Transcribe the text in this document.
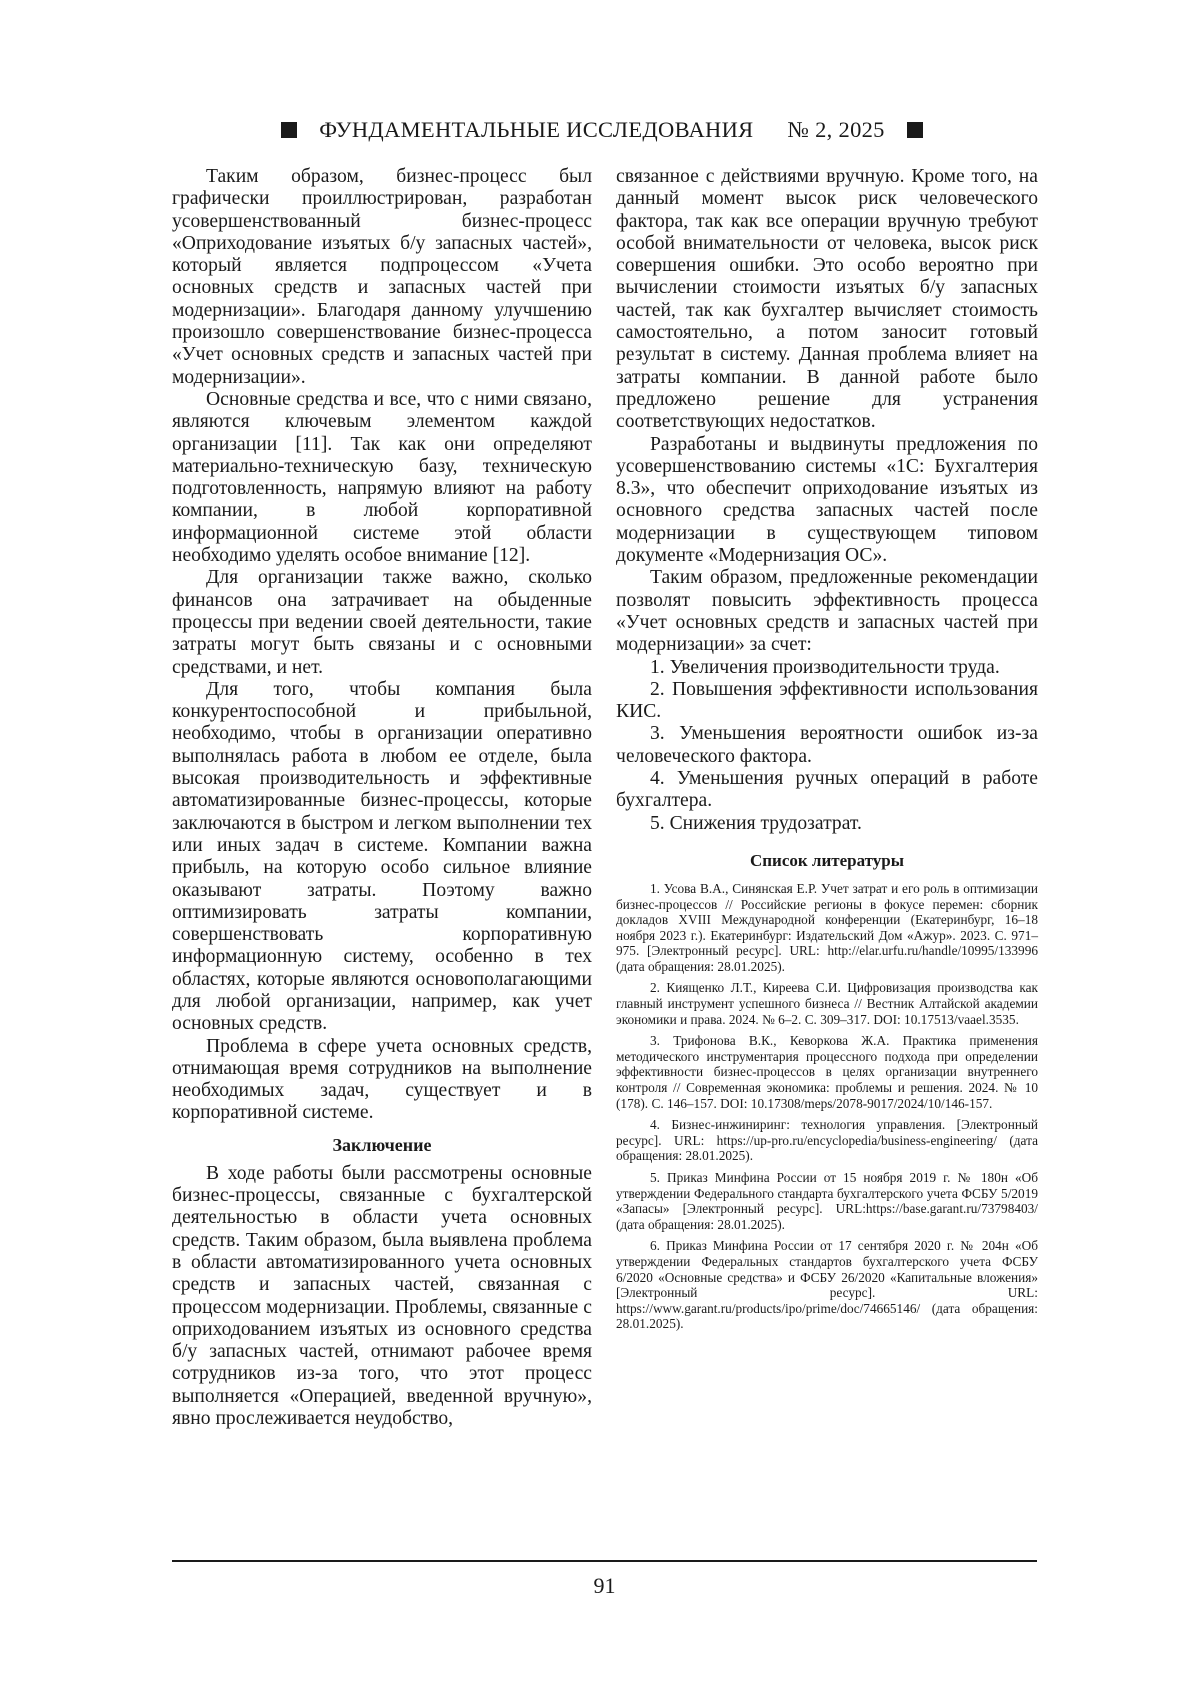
ФУНДАМЕНТАЛЬНЫЕ ИССЛЕДОВАНИЯ № 2, 2025

Таким образом, бизнес-процесс был графически проиллюстрирован, разработан усовершенствованный бизнес-процесс «Оприходование изъятых б/у запасных частей», который является подпроцессом «Учета основных средств и запасных частей при модернизации». Благодаря данному улучшению произошло совершенствование бизнес-процесса «Учет основных средств и запасных частей при модернизации».

Основные средства и все, что с ними связано, являются ключевым элементом каждой организации [11]. Так как они определяют материально-техническую базу, техническую подготовленность, напрямую влияют на работу компании, в любой корпоративной информационной системе этой области необходимо уделять особое внимание [12].

Для организации также важно, сколько финансов она затрачивает на обыденные процессы при ведении своей деятельности, такие затраты могут быть связаны и с основными средствами, и нет.

Для того, чтобы компания была конкурентоспособной и прибыльной, необходимо, чтобы в организации оперативно выполнялась работа в любом ее отделе, была высокая производительность и эффективные автоматизированные бизнес-процессы, которые заключаются в быстром и легком выполнении тех или иных задач в системе. Компании важна прибыль, на которую особо сильное влияние оказывают затраты. Поэтому важно оптимизировать затраты компании, совершенствовать корпоративную информационную систему, особенно в тех областях, которые являются основополагающими для любой организации, например, как учет основных средств.

Проблема в сфере учета основных средств, отнимающая время сотрудников на выполнение необходимых задач, существует и в корпоративной системе.

Заключение

В ходе работы были рассмотрены основные бизнес-процессы, связанные с бухгалтерской деятельностью в области учета основных средств. Таким образом, была выявлена проблема в области автоматизированного учета основных средств и запасных частей, связанная с процессом модернизации. Проблемы, связанные с оприходованием изъятых из основного средства б/у запасных частей, отнимают рабочее время сотрудников из-за того, что этот процесс выполняется «Операцией, введенной вручную», явно прослеживается неудобство,

связанное с действиями вручную. Кроме того, на данный момент высок риск человеческого фактора, так как все операции вручную требуют особой внимательности от человека, высок риск совершения ошибки. Это особо вероятно при вычислении стоимости изъятых б/у запасных частей, так как бухгалтер вычисляет стоимость самостоятельно, а потом заносит готовый результат в систему. Данная проблема влияет на затраты компании. В данной работе было предложено решение для устранения соответствующих недостатков.

Разработаны и выдвинуты предложения по усовершенствованию системы «1С: Бухгалтерия 8.3», что обеспечит оприходование изъятых из основного средства запасных частей после модернизации в существующем типовом документе «Модернизация ОС».

Таким образом, предложенные рекомендации позволят повысить эффективность процесса «Учет основных средств и запасных частей при модернизации» за счет:

1. Увеличения производительности труда.

2. Повышения эффективности использования КИС.

3. Уменьшения вероятности ошибок из-за человеческого фактора.

4. Уменьшения ручных операций в работе бухгалтера.

5. Снижения трудозатрат.

Список литературы

1. Усова В.А., Синянская Е.Р. Учет затрат и его роль в оптимизации бизнес-процессов // Российские регионы в фокусе перемен: сборник докладов XVIII Международной конференции (Екатеринбург, 16–18 ноября 2023 г.). Екатеринбург: Издательский Дом «Ажур». 2023. С. 971–975. [Электронный ресурс]. URL: http://elar.urfu.ru/handle/10995/133996 (дата обращения: 28.01.2025).

2. Киященко Л.Т., Киреева С.И. Цифровизация производства как главный инструмент успешного бизнеса // Вестник Алтайской академии экономики и права. 2024. № 6–2. С. 309–317. DOI: 10.17513/vaael.3535.

3. Трифонова В.К., Кеворкова Ж.А. Практика применения методического инструментария процессного подхода при определении эффективности бизнес-процессов в целях организации внутреннего контроля // Современная экономика: проблемы и решения. 2024. № 10 (178). С. 146–157. DOI: 10.17308/meps/2078-9017/2024/10/146-157.

4. Бизнес-инжиниринг: технология управления. [Электронный ресурс]. URL: https://up-pro.ru/encyclopedia/business-engineering/ (дата обращения: 28.01.2025).

5. Приказ Минфина России от 15 ноября 2019 г. № 180н «Об утверждении Федерального стандарта бухгалтерского учета ФСБУ 5/2019 «Запасы» [Электронный ресурс]. URL:https://base.garant.ru/73798403/ (дата обращения: 28.01.2025).

6. Приказ Минфина России от 17 сентября 2020 г. № 204н «Об утверждении Федеральных стандартов бухгалтерского учета ФСБУ 6/2020 «Основные средства» и ФСБУ 26/2020 «Капитальные вложения» [Электронный ресурс]. URL: https://www.garant.ru/products/ipo/prime/doc/74665146/ (дата обращения: 28.01.2025).

91
